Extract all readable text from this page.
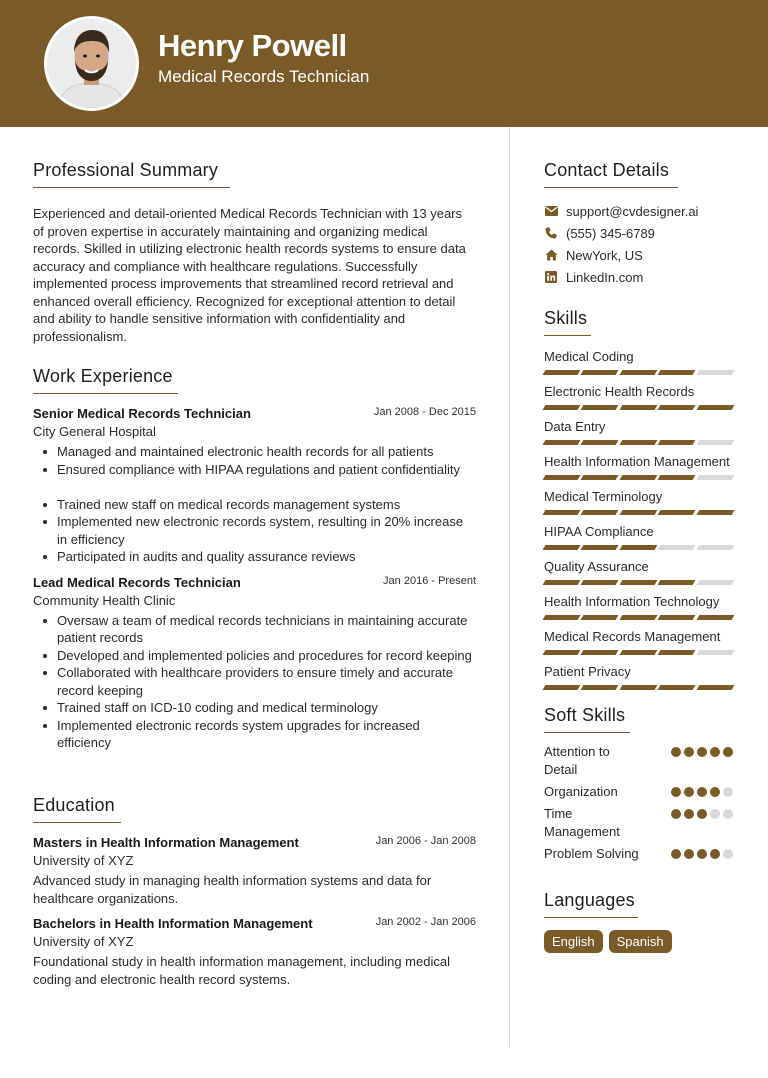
Henry Powell
Medical Records Technician
Professional Summary
Experienced and detail-oriented Medical Records Technician with 13 years of proven expertise in accurately maintaining and organizing medical records. Skilled in utilizing electronic health records systems to ensure data accuracy and compliance with healthcare regulations. Successfully implemented process improvements that streamlined record retrieval and enhanced overall efficiency. Recognized for exceptional attention to detail and ability to handle sensitive information with confidentiality and professionalism.
Work Experience
Senior Medical Records Technician	Jan 2008 - Dec 2015
City General Hospital
Managed and maintained electronic health records for all patients
Ensured compliance with HIPAA regulations and patient confidentiality
Trained new staff on medical records management systems
Implemented new electronic records system, resulting in 20% increase in efficiency
Participated in audits and quality assurance reviews
Lead Medical Records Technician	Jan 2016 - Present
Community Health Clinic
Oversaw a team of medical records technicians in maintaining accurate patient records
Developed and implemented policies and procedures for record keeping
Collaborated with healthcare providers to ensure timely and accurate record keeping
Trained staff on ICD-10 coding and medical terminology
Implemented electronic records system upgrades for increased efficiency
Education
Masters in Health Information Management	Jan 2006 - Jan 2008
University of XYZ
Advanced study in managing health information systems and data for healthcare organizations.
Bachelors in Health Information Management	Jan 2002 - Jan 2006
University of XYZ
Foundational study in health information management, including medical coding and electronic health record systems.
Contact Details
support@cvdesigner.ai
(555) 345-6789
NewYork, US
LinkedIn.com
Skills
Medical Coding
Electronic Health Records
Data Entry
Health Information Management
Medical Terminology
HIPAA Compliance
Quality Assurance
Health Information Technology
Medical Records Management
Patient Privacy
Soft Skills
Attention to Detail
Organization
Time Management
Problem Solving
Languages
English	Spanish
